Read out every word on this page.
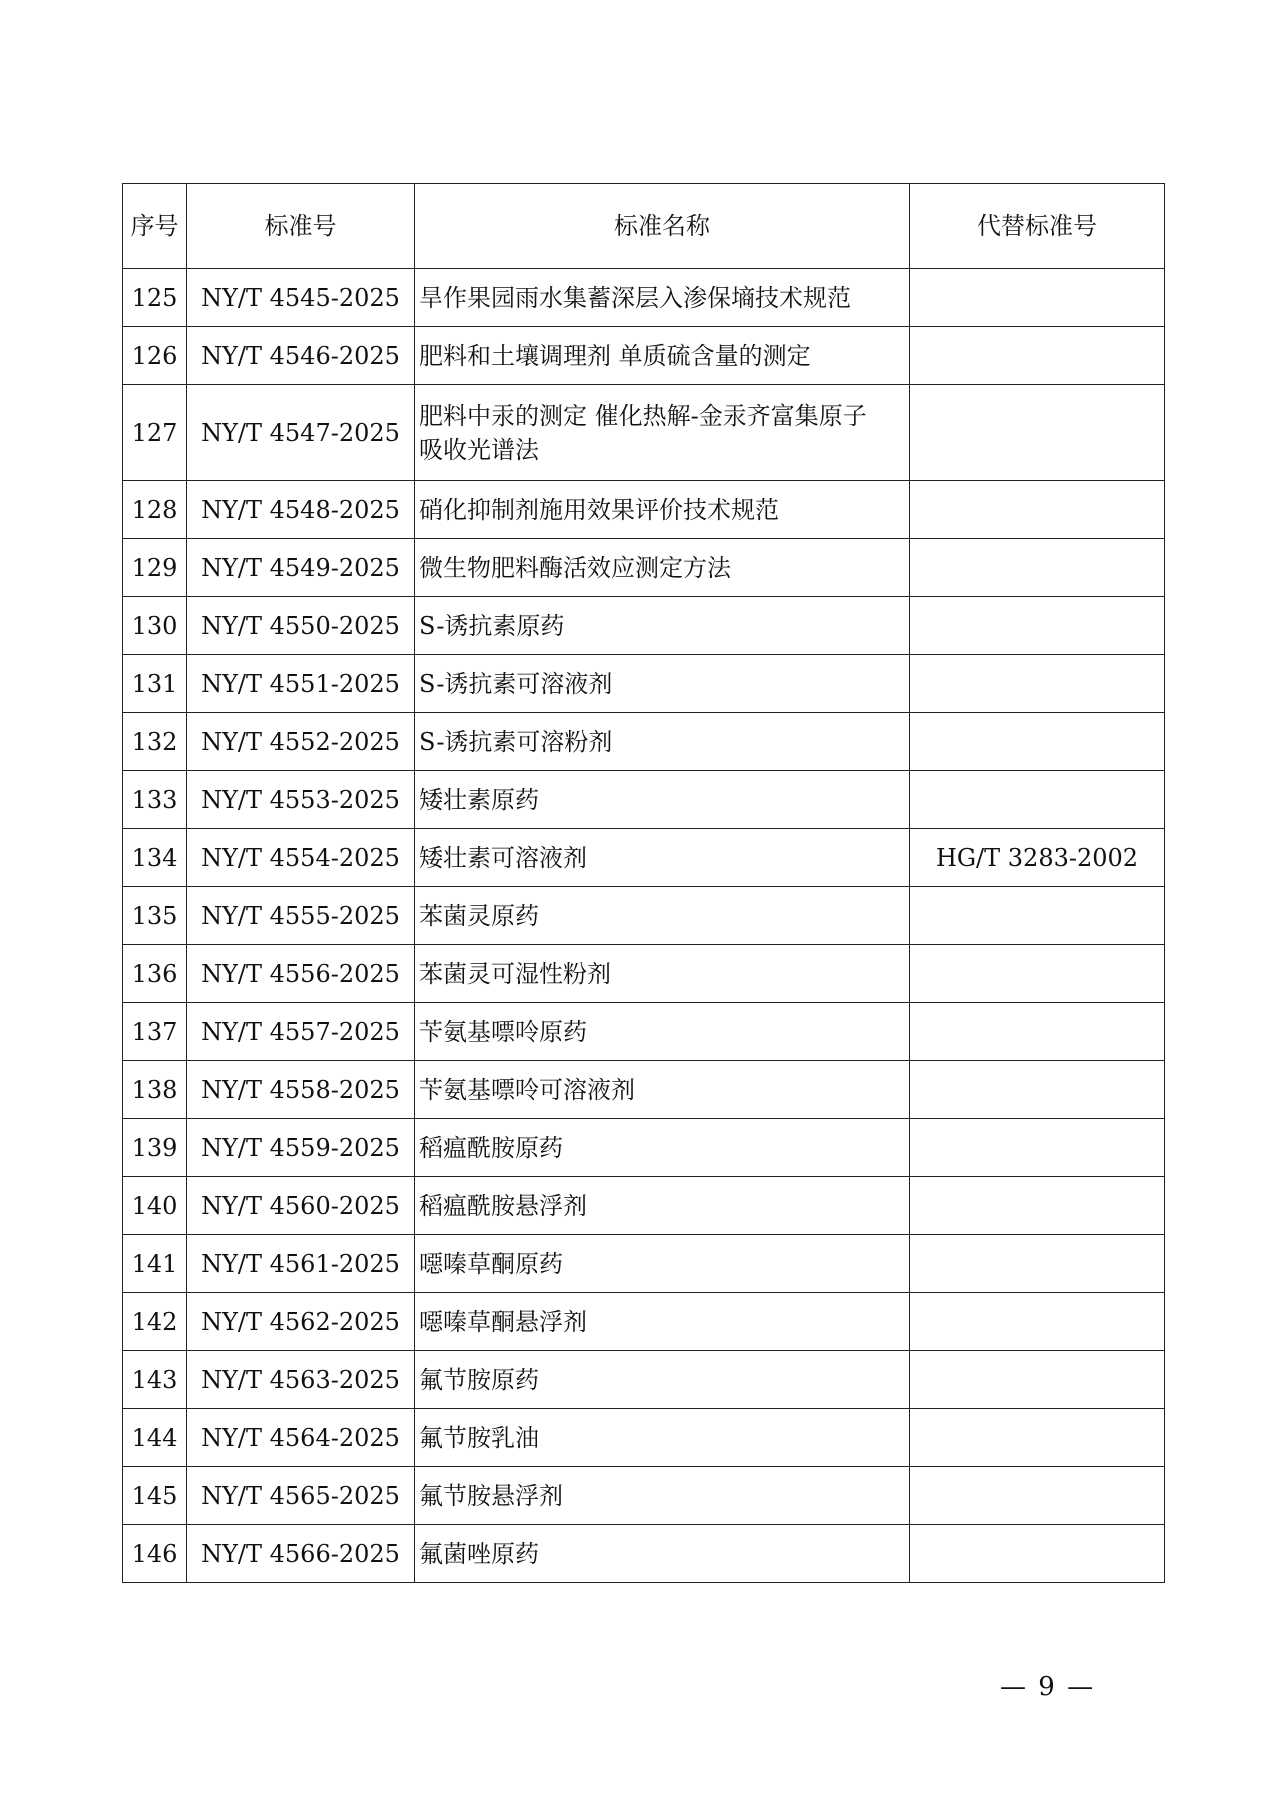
序号	标准号	标准名称	代替标准号
125	NY/T 4545-2025	旱作果园雨水集蓄深层入渗保墒技术规范	

126	NY/T 4546-2025	肥料和土壤调理剂 单质硫含量的测定	

127	NY/T 4547-2025	肥料中汞的测定 催化热解-金汞齐富集原子
吸收光谱法	

128	NY/T 4548-2025	硝化抑制剂施用效果评价技术规范	

129	NY/T 4549-2025	微生物肥料酶活效应测定方法	

130	NY/T 4550-2025	S-诱抗素原药	

131	NY/T 4551-2025	S-诱抗素可溶液剂	

132	NY/T 4552-2025	S-诱抗素可溶粉剂	

133	NY/T 4553-2025	矮壮素原药	

134	NY/T 4554-2025	矮壮素可溶液剂	HG/T 3283-2002
135	NY/T 4555-2025	苯菌灵原药	

136	NY/T 4556-2025	苯菌灵可湿性粉剂	

137	NY/T 4557-2025	苄氨基嘌呤原药	

138	NY/T 4558-2025	苄氨基嘌呤可溶液剂	

139	NY/T 4559-2025	稻瘟酰胺原药	

140	NY/T 4560-2025	稻瘟酰胺悬浮剂	

141	NY/T 4561-2025	噁嗪草酮原药	

142	NY/T 4562-2025	噁嗪草酮悬浮剂	

143	NY/T 4563-2025	氟节胺原药	

144	NY/T 4564-2025	氟节胺乳油	

145	NY/T 4565-2025	氟节胺悬浮剂	

146	NY/T 4566-2025	氟菌唑原药	

— 9 —
